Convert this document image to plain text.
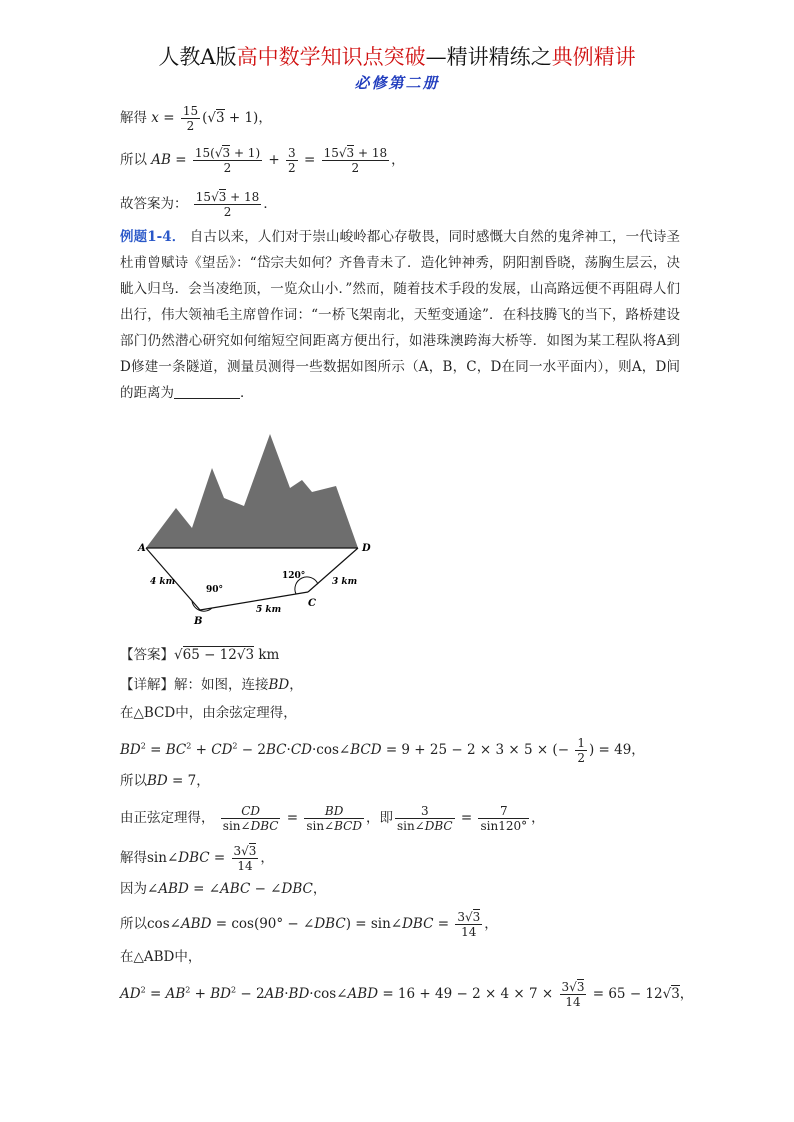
人教A版高中数学知识点突破—精讲精练之典例精讲
必修第二册
解得 $x = \frac{15}{2} (√3 + 1)$，
所以 AB = $\frac{15(√3 + 1)}{2} + \frac{3}{2} = \frac{15√3 + 18}{2}$ ，
故答案为： $\frac{15√3 + 18}{2}$ ．
例题1-4． 自古以来，人们对于崇山峻岭都心存敬畏，同时感慨大自然的鬼斧神工，一代诗圣杜甫曾赋诗《望岳》：“岱宗夫如何？齐鲁青未了．造化钟神秀，阴阳割昏晓，荡胸生层云，决眦入归鸟．会当凌绝顶，一览众山小．”然而，随着技术手段的发展，山高路远便不再阻碍人们出行，伟大领袖毛主席曾作词：“一桥飞架南北，天堑变通途”．在科技腾飞的当下，路桥建设部门仍然潜心研究如何缩短空间距离方便出行，如港珠澳跨海大桥等．如图为某工程队将A到D修建一条隧道，测量员测得一些数据如图所示（A，B，C，D在同一水平面内），则A，D间的距离为	．
A	D
B
C
4 km
5 km
3 km
90°
120°
【答案】√65 − 12√3 km
【详解】解：如图，连接BD，
在△BCD中，由余弦定理得，
$BD^2 = BC^2 + CD^2$ − 2BC·CD·cos∠BCD = 9 + 25 − 2 × 3 × 5 × (− $\frac{1}{2}$ ) = 49，
所以BD = 7，
由正弦定理得， $\frac{CD}{\text{sin∠DBC}} = \frac{BD}{\text{sin∠BCD}}$ ，即 $\frac{3}{\text{sin∠DBC}} = \frac{7}{\sin 120^\circ}$ ，
解得sin∠DBC = $\frac{3√3}{14}$ ，
因为∠ABD = ∠ABC − ∠DBC，
所以cos∠ABD = cos(90° − ∠DBC) = sin∠DBC = $\frac{3√3}{14}$ ，
在△ABD中，
$AD^2 = AB^2 + BD^2$ − 2AB·BD·cos∠ABD = $16 + 49 - 2 \times 4 \times 7 \times \frac{3√3}{14} = 65 - 12√3$，
